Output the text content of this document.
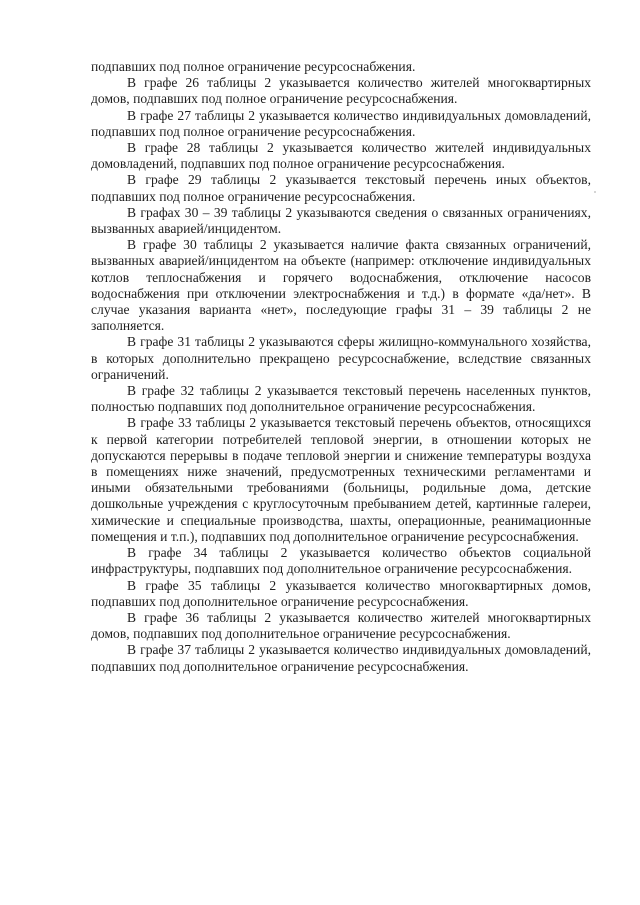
подпавших под полное ограничение ресурсоснабжения.

В графе 26 таблицы 2 указывается количество жителей многоквартирных домов, подпавших под полное ограничение ресурсоснабжения.

В графе 27 таблицы 2 указывается количество индивидуальных домовладений, подпавших под полное ограничение ресурсоснабжения.

В графе 28 таблицы 2 указывается количество жителей индивидуальных домовладений, подпавших под полное ограничение ресурсоснабжения.

В графе 29 таблицы 2 указывается текстовый перечень иных объектов, подпавших под полное ограничение ресурсоснабжения.

В графах 30 – 39 таблицы 2 указываются сведения о связанных ограничениях, вызванных аварией/инцидентом.

В графе 30 таблицы 2 указывается наличие факта связанных ограничений, вызванных аварией/инцидентом на объекте (например: отключение индивидуальных котлов теплоснабжения и горячего водоснабжения, отключение насосов водоснабжения при отключении электроснабжения и т.д.) в формате «да/нет». В случае указания варианта «нет», последующие графы 31 – 39 таблицы 2 не заполняется.

В графе 31 таблицы 2 указываются сферы жилищно-коммунального хозяйства, в которых дополнительно прекращено ресурсоснабжение, вследствие связанных ограничений.

В графе 32 таблицы 2 указывается текстовый перечень населенных пунктов, полностью подпавших под дополнительное ограничение ресурсоснабжения.

В графе 33 таблицы 2 указывается текстовый перечень объектов, относящихся к первой категории потребителей тепловой энергии, в отношении которых не допускаются перерывы в подаче тепловой энергии и снижение температуры воздуха в помещениях ниже значений, предусмотренных техническими регламентами и иными обязательными требованиями (больницы, родильные дома, детские дошкольные учреждения с круглосуточным пребыванием детей, картинные галереи, химические и специальные производства, шахты, операционные, реанимационные помещения и т.п.), подпавших под дополнительное ограничение ресурсоснабжения.

В графе 34 таблицы 2 указывается количество объектов социальной инфраструктуры, подпавших под дополнительное ограничение ресурсоснабжения.

В графе 35 таблицы 2 указывается количество многоквартирных домов, подпавших под дополнительное ограничение ресурсоснабжения.

В графе 36 таблицы 2 указывается количество жителей многоквартирных домов, подпавших под дополнительное ограничение ресурсоснабжения.

В графе 37 таблицы 2 указывается количество индивидуальных домовладений, подпавших под дополнительное ограничение ресурсоснабжения.
